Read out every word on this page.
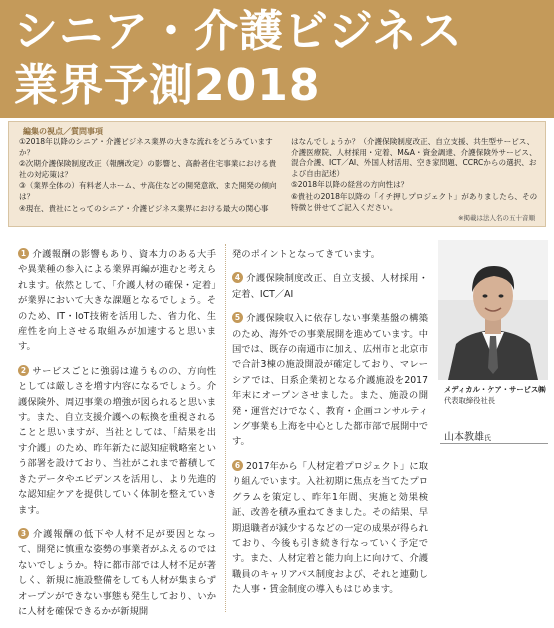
シニア・介護ビジネス
業界予測2018
編集の視点／質問事項

①2018年以降のシニア・介護ビジネス業界の大きな流れをどうみていますか？

②次期介護保険制度改正（報酬改定）の影響と、高齢者住宅事業における貴社の対応策は？

③（業界全体の）有料老人ホーム、サ高住などの開発意欲、また開発の傾向は？

④現在、貴社にとってのシニア・介護ビジネス業界における最大の関心事

はなんでしょうか？（介護保険制度改正、自立支援、共生型サービス、介護医療院、人材採用・定着、M&A・資金調達、介護保険外サービス、混合介護、ICT／AI、外国人材活用、空き家問題、CCRCからの選択、および自由記述）

⑤2018年以降の経営の方向性は？

⑥貴社の2018年以降の「イチ押しプロジェクト」がありましたら、その特徴と併せてご記入ください。

※掲載は法人名の五十音順

1 介護報酬の影響もあり、資本力のある大手や異業種の参入による業界再編が進むと考えられます。依然として、「介護人材の確保・定着」が業界において大きな課題となるでしょう。そのため、IT・IoT技術を活用した、省力化、生産性を向上させる取組みが加速すると思います。

2 サービスごとに強弱は違うものの、方向性としては厳しさを増す内容になるでしょう。介護保険外、周辺事業の増強が図られると思います。また、自立支援介護への転換を重視されることと思いますが、当社としては、「結果を出す介護」のため、昨年新たに認知症戦略室という部署を設けており、当社がこれまで蓄積してきたデータやエビデンスを活用し、より先進的な認知症ケアを提供していく体制を整えていきます。

3 介護報酬の低下や人材不足が要因となって、開発に慎重な姿勢の事業者がふえるのではないでしょうか。特に都市部では人材不足が著しく、新規に施設整備をしても人材が集まらずオープンができない事態も発生しており、いかに人材を確保できるかが新規開

発のポイントとなってきています。

4 介護保険制度改正、自立支援、人材採用・定着、ICT／AI

5 介護保険収入に依存しない事業基盤の構築のため、海外での事業展開を進めています。中国では、既存の南通市に加え、広州市と北京市で合計3棟の施設開設が確定しており、マレーシアでは、日系企業初となる介護施設を2017年末にオープンさせました。また、施設の開発・運営だけでなく、教育・企画コンサルティング事業も上海を中心とした都市部で展開中です。

6 2017年から「人材定着プロジェクト」に取り組んでいます。入社初期に焦点を当てたプログラムを策定し、昨年1年間、実施と効果検証、改善を積み重ねてきました。その結果、早期退職者が減少するなどの一定の成果が得られており、今後も引き続き行なっていく予定です。また、人材定着と能力向上に向けて、介護職員のキャリアパス制度および、それと連動した人事・賃金制度の導入もはじめます。

メディカル・ケア・サービス㈱
代表取締役社長
山本教雄氏
